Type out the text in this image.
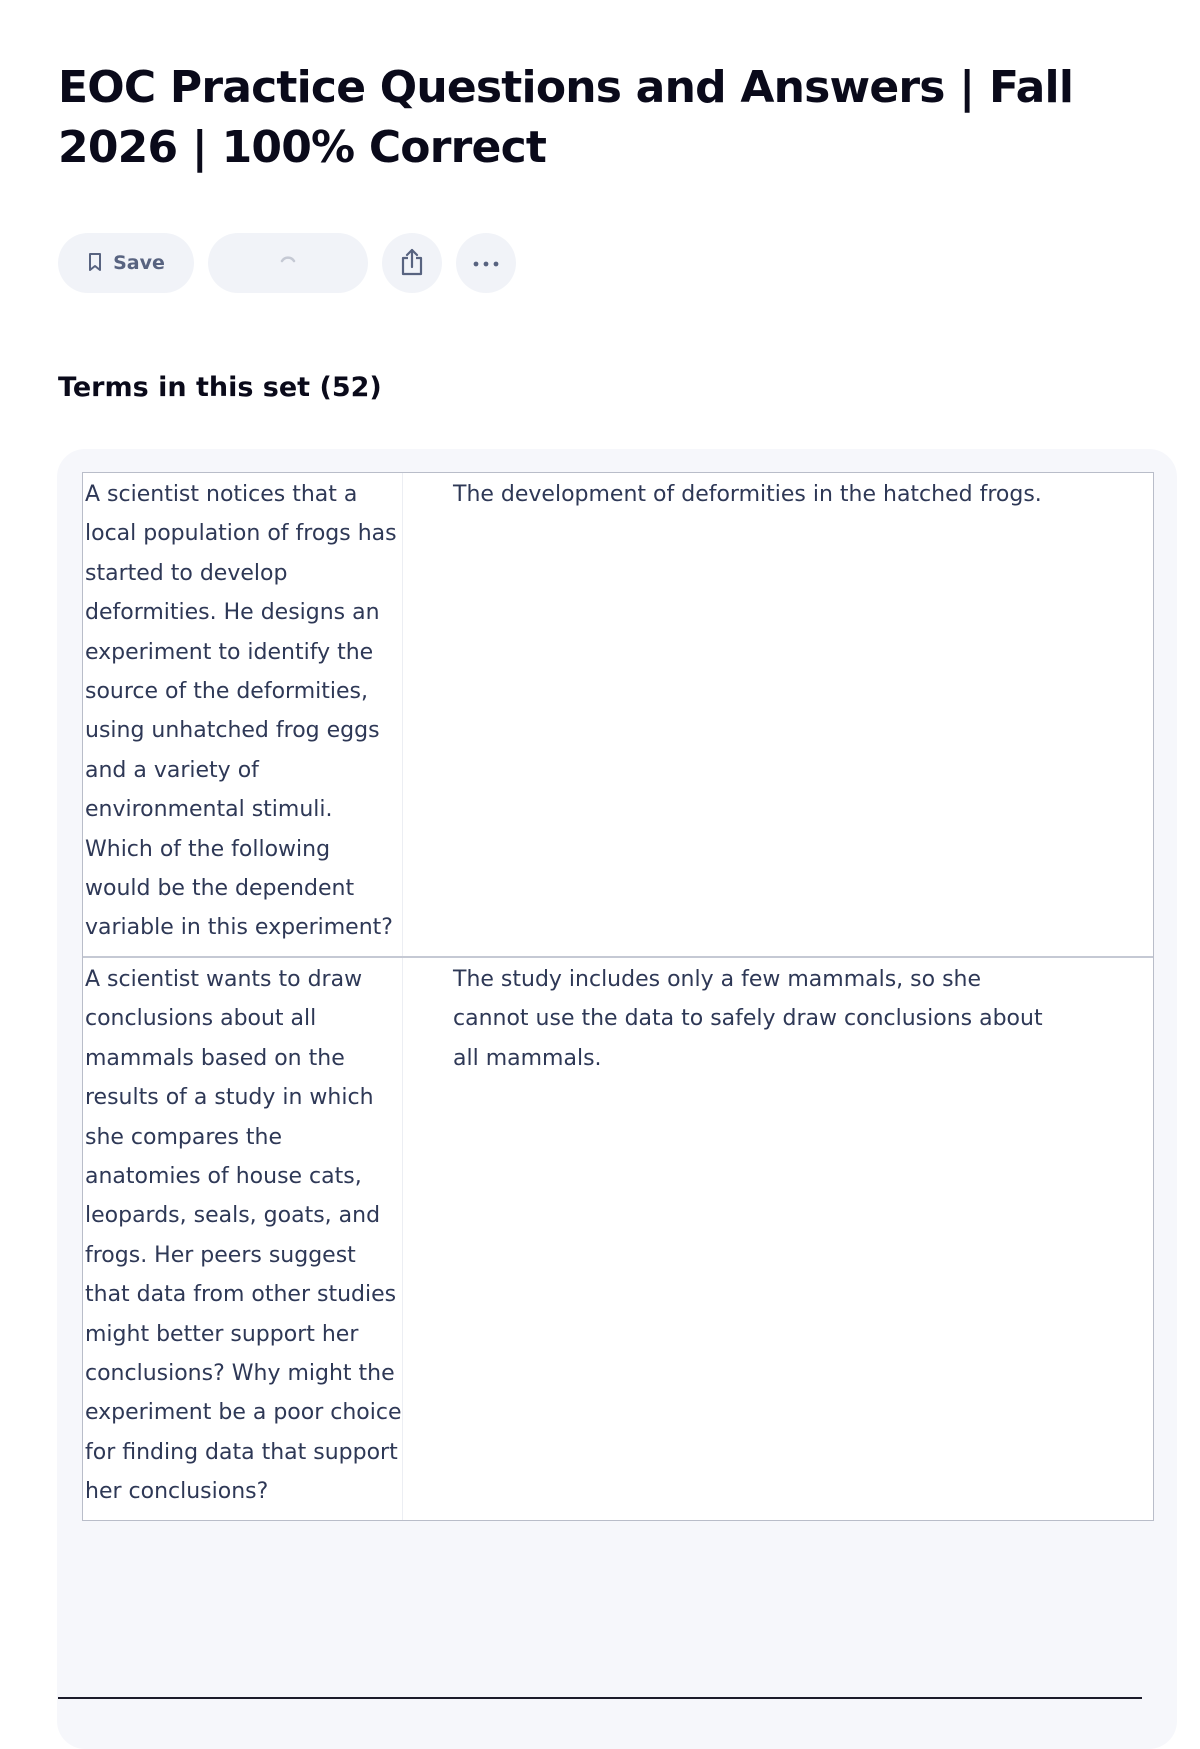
EOC Practice Questions and Answers | Fall 2026 | 100% Correct
Save
Terms in this set (52)
A scientist notices that a local population of frogs has started to develop deformities. He designs an experiment to identify the source of the deformities, using unhatched frog eggs and a variety of environmental stimuli. Which of the following would be the dependent variable in this experiment?
The development of deformities in the hatched frogs.
A scientist wants to draw conclusions about all mammals based on the results of a study in which she compares the anatomies of house cats, leopards, seals, goats, and frogs. Her peers suggest that data from other studies might better support her conclusions? Why might the experiment be a poor choice for finding data that support her conclusions?
The study includes only a few mammals, so she cannot use the data to safely draw conclusions about all mammals.
